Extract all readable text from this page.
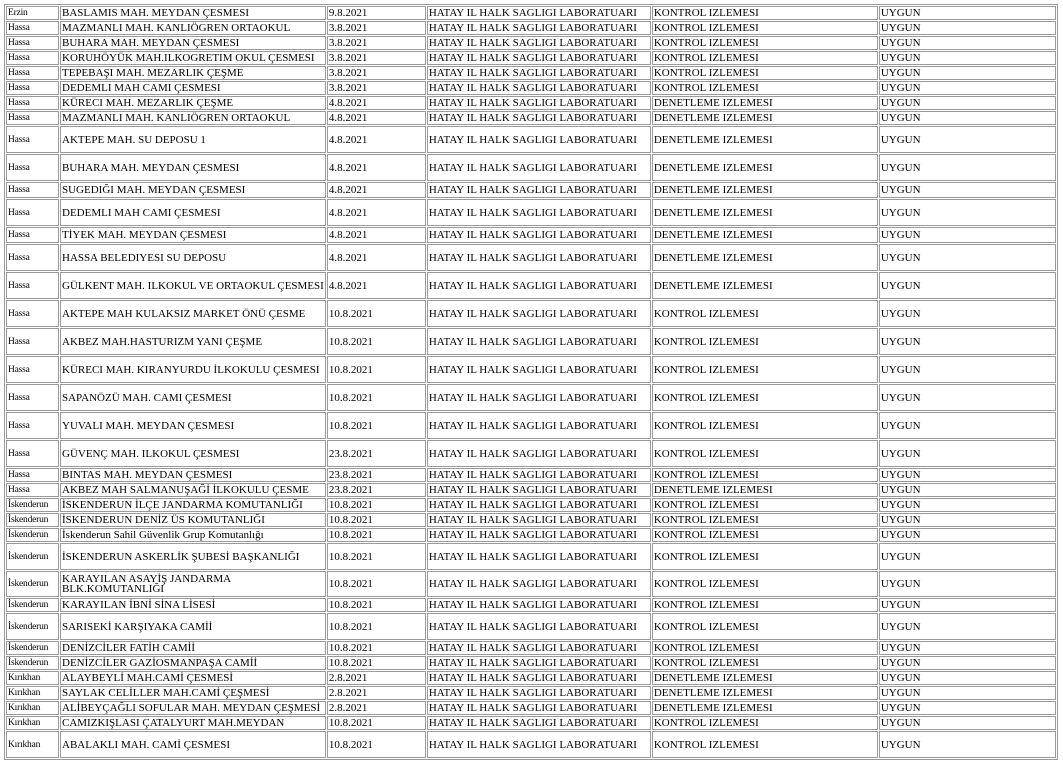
Erzin	BASLAMIS MAH. MEYDAN ÇESMESI	9.8.2021	HATAY IL HALK SAGLIGI LABORATUARI	KONTROL IZLEMESI	UYGUN
Hassa	MAZMANLI MAH. KANLIÖGREN ORTAOKUL	3.8.2021	HATAY IL HALK SAGLIGI LABORATUARI	KONTROL IZLEMESI	UYGUN
Hassa	BUHARA MAH. MEYDAN ÇESMESI	3.8.2021	HATAY IL HALK SAGLIGI LABORATUARI	KONTROL IZLEMESI	UYGUN
Hassa	KORUHÖYÜK MAH.ILKOGRETIM OKUL ÇESMESI	3.8.2021	HATAY IL HALK SAGLIGI LABORATUARI	KONTROL IZLEMESI	UYGUN
Hassa	TEPEBAŞI MAH. MEZARLIK ÇEŞME	3.8.2021	HATAY IL HALK SAGLIGI LABORATUARI	KONTROL IZLEMESI	UYGUN
Hassa	DEDEMLI MAH CAMI ÇESMESI	3.8.2021	HATAY IL HALK SAGLIGI LABORATUARI	KONTROL IZLEMESI	UYGUN
Hassa	KÜRECI MAH. MEZARLIK ÇEŞME	4.8.2021	HATAY IL HALK SAGLIGI LABORATUARI	DENETLEME IZLEMESI	UYGUN
Hassa	MAZMANLI MAH. KANLIÖGREN ORTAOKUL	4.8.2021	HATAY IL HALK SAGLIGI LABORATUARI	DENETLEME IZLEMESI	UYGUN
Hassa	AKTEPE MAH. SU DEPOSU 1	4.8.2021	HATAY IL HALK SAGLIGI LABORATUARI	DENETLEME IZLEMESI	UYGUN
Hassa	BUHARA MAH. MEYDAN ÇESMESI	4.8.2021	HATAY IL HALK SAGLIGI LABORATUARI	DENETLEME IZLEMESI	UYGUN
Hassa	SUGEDIĞI MAH. MEYDAN ÇESMESI	4.8.2021	HATAY IL HALK SAGLIGI LABORATUARI	DENETLEME IZLEMESI	UYGUN
Hassa	DEDEMLI MAH CAMI ÇESMESI	4.8.2021	HATAY IL HALK SAGLIGI LABORATUARI	DENETLEME IZLEMESI	UYGUN
Hassa	TİYEK MAH. MEYDAN ÇESMESI	4.8.2021	HATAY IL HALK SAGLIGI LABORATUARI	DENETLEME IZLEMESI	UYGUN
Hassa	HASSA BELEDIYESI SU DEPOSU	4.8.2021	HATAY IL HALK SAGLIGI LABORATUARI	DENETLEME IZLEMESI	UYGUN
Hassa	GÜLKENT MAH. ILKOKUL VE ORTAOKUL ÇESMESI	4.8.2021	HATAY IL HALK SAGLIGI LABORATUARI	DENETLEME IZLEMESI	UYGUN
Hassa	AKTEPE MAH KULAKSIZ MARKET ÖNÜ ÇESME	10.8.2021	HATAY IL HALK SAGLIGI LABORATUARI	KONTROL IZLEMESI	UYGUN
Hassa	AKBEZ MAH.HASTURIZM YANI ÇEŞME	10.8.2021	HATAY IL HALK SAGLIGI LABORATUARI	KONTROL IZLEMESI	UYGUN
Hassa	KÜRECI MAH. KIRANYURDU İLKOKULU ÇESMESI	10.8.2021	HATAY IL HALK SAGLIGI LABORATUARI	KONTROL IZLEMESI	UYGUN
Hassa	SAPANÖZÜ MAH. CAMI ÇESMESI	10.8.2021	HATAY IL HALK SAGLIGI LABORATUARI	KONTROL IZLEMESI	UYGUN
Hassa	YUVALI MAH. MEYDAN ÇESMESI	10.8.2021	HATAY IL HALK SAGLIGI LABORATUARI	KONTROL IZLEMESI	UYGUN
Hassa	GÜVENÇ MAH. ILKOKUL ÇESMESI	23.8.2021	HATAY IL HALK SAGLIGI LABORATUARI	KONTROL IZLEMESI	UYGUN
Hassa	BINTAS MAH. MEYDAN ÇESMESI	23.8.2021	HATAY IL HALK SAGLIGI LABORATUARI	KONTROL IZLEMESI	UYGUN
Hassa	AKBEZ MAH SALMANUŞAĞİ İLKOKULU ÇESME	23.8.2021	HATAY IL HALK SAGLIGI LABORATUARI	DENETLEME IZLEMESI	UYGUN
İskenderun	İSKENDERUN İLÇE JANDARMA KOMUTANLIĞI	10.8.2021	HATAY IL HALK SAGLIGI LABORATUARI	KONTROL IZLEMESI	UYGUN
İskenderun	İSKENDERUN DENİZ ÜS KOMUTANLIĞI	10.8.2021	HATAY IL HALK SAGLIGI LABORATUARI	KONTROL IZLEMESI	UYGUN
İskenderun	İskenderun Sahil Güvenlik Grup Komutanlığı	10.8.2021	HATAY IL HALK SAGLIGI LABORATUARI	KONTROL IZLEMESI	UYGUN
İskenderun	İSKENDERUN ASKERLİK ŞUBESİ BAŞKANLIĞI	10.8.2021	HATAY IL HALK SAGLIGI LABORATUARI	KONTROL IZLEMESI	UYGUN
İskenderun	KARAYILAN ASAYİŞ JANDARMA BLK.KOMUTANLIĞI	10.8.2021	HATAY IL HALK SAGLIGI LABORATUARI	KONTROL IZLEMESI	UYGUN
İskenderun	KARAYILAN İBNİ SİNA LİSESİ	10.8.2021	HATAY IL HALK SAGLIGI LABORATUARI	KONTROL IZLEMESI	UYGUN
İskenderun	SARISEKİ KARŞIYAKA CAMİİ	10.8.2021	HATAY IL HALK SAGLIGI LABORATUARI	KONTROL IZLEMESI	UYGUN
İskenderun	DENİZCİLER FATİH CAMİİ	10.8.2021	HATAY IL HALK SAGLIGI LABORATUARI	KONTROL IZLEMESI	UYGUN
İskenderun	DENİZCİLER GAZİOSMANPAŞA CAMİİ	10.8.2021	HATAY IL HALK SAGLIGI LABORATUARI	KONTROL IZLEMESI	UYGUN
Kırıkhan	ALAYBEYLİ MAH.CAMİ ÇESMESİ	2.8.2021	HATAY IL HALK SAGLIGI LABORATUARI	DENETLEME IZLEMESI	UYGUN
Kırıkhan	SAYLAK CELİLLER MAH.CAMİ ÇEŞMESİ	2.8.2021	HATAY IL HALK SAGLIGI LABORATUARI	DENETLEME IZLEMESI	UYGUN
Kırıkhan	ALİBEYÇAĞLI SOFULAR MAH. MEYDAN ÇEŞMESİ	2.8.2021	HATAY IL HALK SAGLIGI LABORATUARI	DENETLEME IZLEMESI	UYGUN
Kırıkhan	CAMIZKIŞLASI ÇATALYURT MAH.MEYDAN	10.8.2021	HATAY IL HALK SAGLIGI LABORATUARI	KONTROL IZLEMESI	UYGUN
Kırıkhan	ABALAKLI MAH. CAMİ ÇESMESI	10.8.2021	HATAY IL HALK SAGLIGI LABORATUARI	KONTROL IZLEMESI	UYGUN
